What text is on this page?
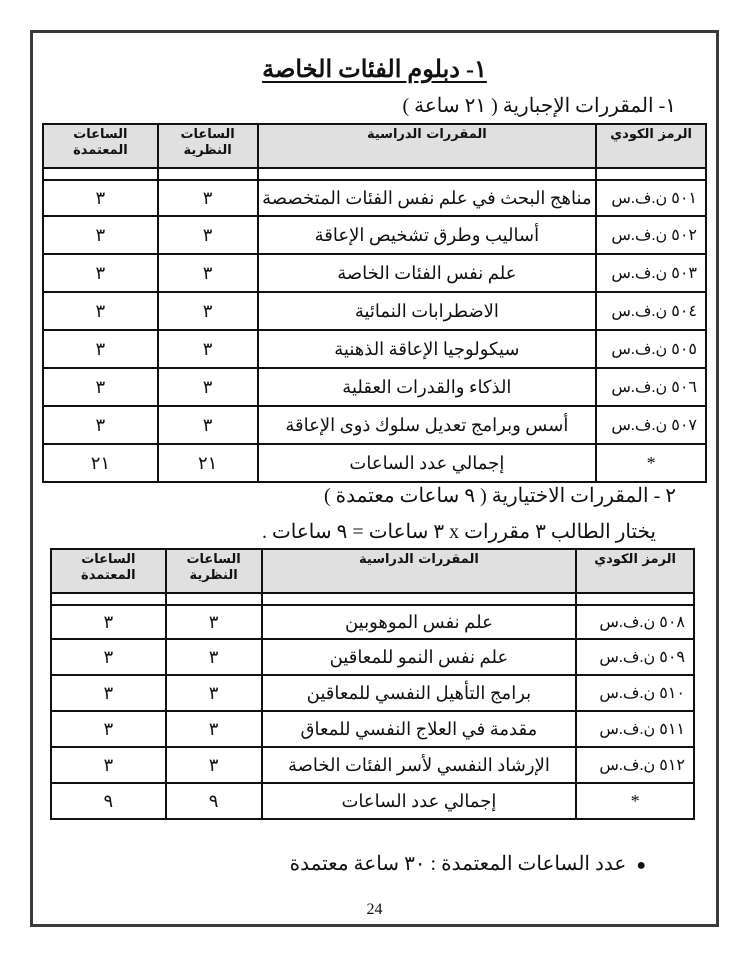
١- دبلوم الفئات الخاصة
١- المقررات الإجبارية ( ٢١ ساعة )
الرمز الكودي	المقررات الدراسية	الساعات النظرية	الساعات المعتمدة

٥٠١ ن.ف.س	مناهج البحث في علم نفس الفئات المتخصصة	٣	٣
٥٠٢ ن.ف.س	أساليب وطرق تشخيص الإعاقة	٣	٣
٥٠٣ ن.ف.س	علم نفس الفئات الخاصة	٣	٣
٥٠٤ ن.ف.س	الاضطرابات النمائية	٣	٣
٥٠٥ ن.ف.س	سيكولوجيا الإعاقة الذهنية	٣	٣
٥٠٦ ن.ف.س	الذكاء والقدرات العقلية	٣	٣
٥٠٧ ن.ف.س	أسس وبرامج تعديل سلوك ذوى الإعاقة	٣	٣
*	إجمالي عدد الساعات	٢١	٢١
٢ - المقررات الاختيارية ( ٩ ساعات معتمدة )
يختار الطالب ٣ مقررات x ٣ ساعات = ٩ ساعات .
الرمز الكودي	المقررات الدراسية	الساعات النظرية	الساعات المعتمدة

٥٠٨ ن.ف.س	علم نفس الموهوبين	٣	٣
٥٠٩ ن.ف.س	علم نفس النمو للمعاقين	٣	٣
٥١٠ ن.ف.س	برامج التأهيل النفسي للمعاقين	٣	٣
٥١١ ن.ف.س	مقدمة في العلاج النفسي للمعاق	٣	٣
٥١٢ ن.ف.س	الإرشاد النفسي لأسر الفئات الخاصة	٣	٣
*	إجمالي عدد الساعات	٩	٩
●عدد الساعات المعتمدة : ٣٠ ساعة معتمدة
24
